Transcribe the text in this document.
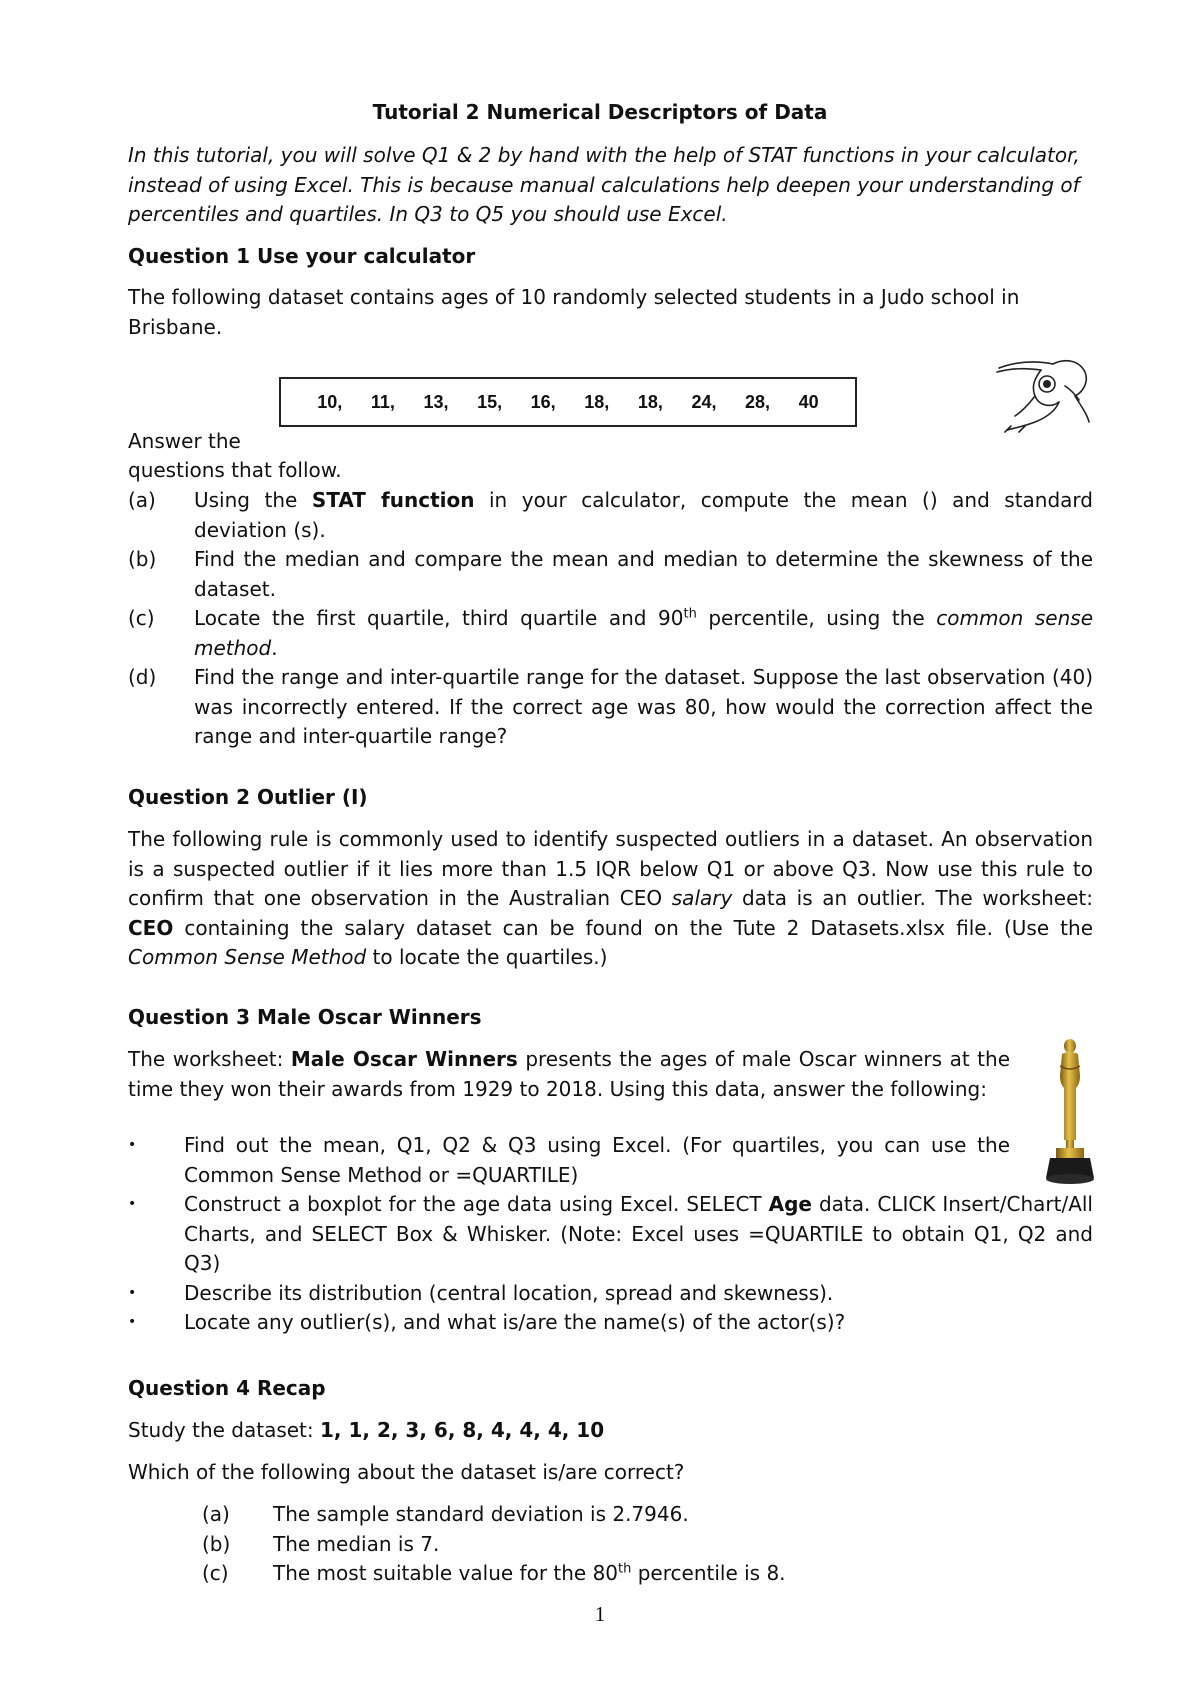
Tutorial 2 Numerical Descriptors of Data
In this tutorial, you will solve Q1 & 2 by hand with the help of STAT functions in your calculator, instead of using Excel. This is because manual calculations help deepen your understanding of percentiles and quartiles. In Q3 to Q5 you should use Excel.
Question 1 Use your calculator
The following dataset contains ages of 10 randomly selected students in a Judo school in Brisbane.
10, 11, 13, 15, 16, 18, 18, 24, 28, 40
Answer the
questions that follow.
(a)	Using the STAT function in your calculator, compute the mean () and standard deviation (s).
(b)	Find the median and compare the mean and median to determine the skewness of the dataset.
(c)	Locate the first quartile, third quartile and 90th percentile, using the common sense method.
(d)	Find the range and inter-quartile range for the dataset. Suppose the last observation (40) was incorrectly entered. If the correct age was 80, how would the correction affect the range and inter-quartile range?
Question 2 Outlier (I)
The following rule is commonly used to identify suspected outliers in a dataset. An observation is a suspected outlier if it lies more than 1.5 IQR below Q1 or above Q3. Now use this rule to confirm that one observation in the Australian CEO salary data is an outlier. The worksheet: CEO containing the salary dataset can be found on the Tute 2 Datasets.xlsx file. (Use the Common Sense Method to locate the quartiles.)
Question 3 Male Oscar Winners
The worksheet: Male Oscar Winners presents the ages of male Oscar winners at the time they won their awards from 1929 to 2018. Using this data, answer the following:
•	Find out the mean, Q1, Q2 & Q3 using Excel. (For quartiles, you can use the Common Sense Method or =QUARTILE)
•	Construct a boxplot for the age data using Excel. SELECT Age data. CLICK Insert/Chart/All Charts, and SELECT Box & Whisker. (Note: Excel uses =QUARTILE to obtain Q1, Q2 and Q3)
•	Describe its distribution (central location, spread and skewness).
•	Locate any outlier(s), and what is/are the name(s) of the actor(s)?
Question 4 Recap
Study the dataset: 1, 1, 2, 3, 6, 8, 4, 4, 4, 10
Which of the following about the dataset is/are correct?
(a)	The sample standard deviation is 2.7946.
(b)	The median is 7.
(c)	The most suitable value for the 80th percentile is 8.
1
